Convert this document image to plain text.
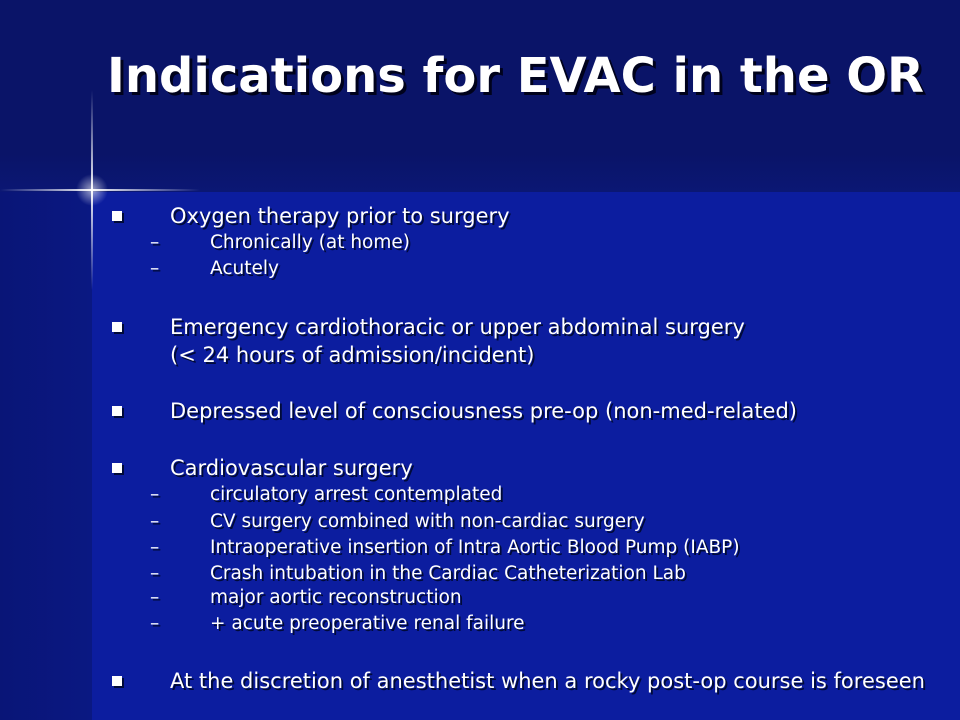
Indications for EVAC in the OR
Oxygen therapy prior to surgery
–	Chronically (at home)
–	Acutely
Emergency cardiothoracic or upper abdominal surgery
(< 24 hours of admission/incident)
Depressed level of consciousness pre-op (non-med-related)
Cardiovascular surgery
–	circulatory arrest contemplated
–	CV surgery combined with non-cardiac surgery
–	Intraoperative insertion of Intra Aortic Blood Pump (IABP)
–	Crash intubation in the Cardiac Catheterization Lab
–	major aortic reconstruction
–	+ acute preoperative renal failure
At the discretion of anesthetist when a rocky post-op course is foreseen
